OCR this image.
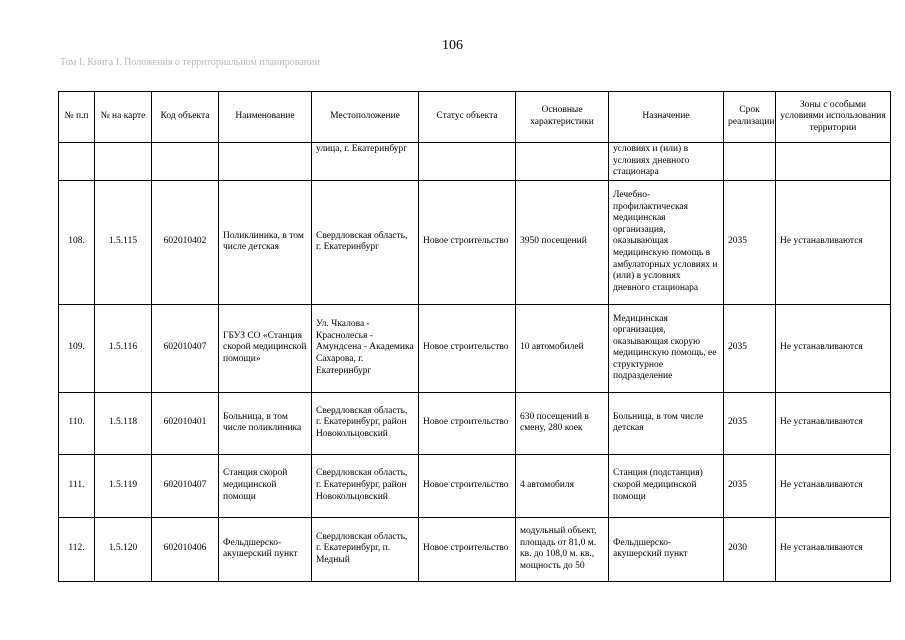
106
Том I. Книга I. Положения о территориальном планировании
№ п.п	№ на карте	Код объекта	Наименование	Местоположение	Статус объекта	Основные характеристики	Назначение	Срок реализации	Зоны с особыми условиями использования территории
				улица, г. Екатеринбург			условиях и (или) в условиях дневного стационара		
108.	1.5.115	602010402	Поликлиника, в том числе детская	Свердловская область, г. Екатеринбург	Новое строительство	3950 посещений	Лечебно-профилактическая медицинская организация, оказывающая медицинскую помощь в амбулаторных условиях и (или) в условиях дневного стационара	2035	Не устанавливаются
109.	1.5.116	602010407	ГБУЗ СО «Станция скорой медицинской помощи»	Ул. Чкалова - Краснолесья - Амундсена - Академика Сахарова, г. Екатеринбург	Новое строительство	10 автомобилей	Медицинская организация, оказывающая скорую медицинскую помощь, ее структурное подразделение	2035	Не устанавливаются
110.	1.5.118	602010401	Больница, в том числе поликлиника	Свердловская область, г. Екатеринбург, район Новокольцовский	Новое строительство	630 посещений в смену, 280 коек	Больница, в том числе детская	2035	Не устанавливаются
111.	1.5.119	602010407	Станция скорой медицинской помощи	Свердловская область, г. Екатеринбург, район Новокольцовский	Новое строительство	4 автомобиля	Станция (подстанция) скорой медицинской помощи	2035	Не устанавливаются
112.	1.5.120	602010406	Фельдшерско-акушерский пункт	Свердловская область, г. Екатеринбург, п. Медный	Новое строительство	модульный объект, площадь от 81,0 м. кв. до 108,0 м. кв., мощность до 50	Фельдшерско-акушерский пункт	2030	Не устанавливаются
